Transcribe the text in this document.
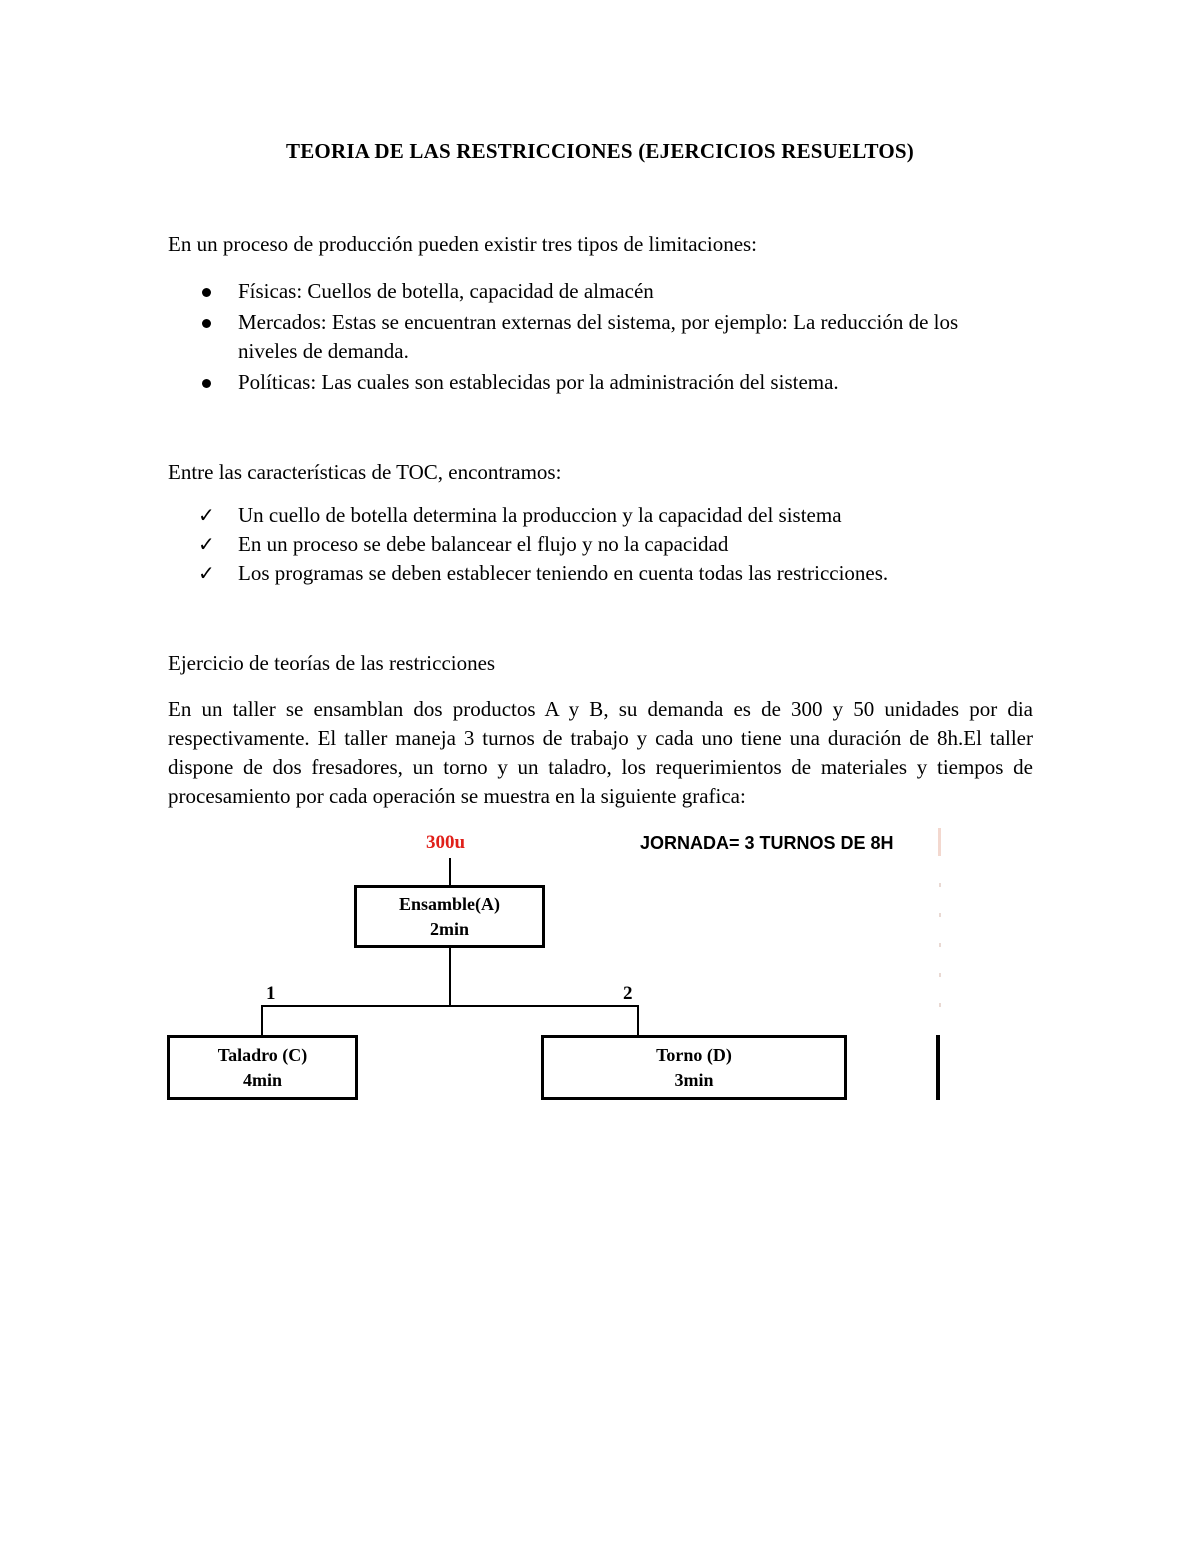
TEORIA DE LAS RESTRICCIONES (EJERCICIOS RESUELTOS)
En un proceso de producción pueden existir tres tipos de limitaciones:
Físicas: Cuellos de botella, capacidad de almacén
Mercados: Estas se encuentran externas del sistema, por ejemplo: La reducción de los niveles de demanda.
Políticas: Las cuales son establecidas por la administración del sistema.
Entre las características de TOC, encontramos:
✓ Un cuello de botella determina la produccion y la capacidad del sistema
✓ En un proceso se debe balancear el flujo y no la capacidad
✓ Los programas se deben establecer teniendo en cuenta todas las restricciones.
Ejercicio de teorías de las restricciones
En un taller se ensamblan dos productos A y B, su demanda es de 300 y 50 unidades por dia respectivamente. El taller maneja 3 turnos de trabajo y cada uno tiene una duración de 8h.El taller dispone de dos fresadores, un torno y un taladro, los requerimientos de materiales y tiempos de procesamiento por cada operación se muestra en la siguiente grafica:
300u	JORNADA= 3 TURNOS DE 8H
Ensamble(A)
2min
1	2
Taladro (C)
4min
Torno (D)
3min
